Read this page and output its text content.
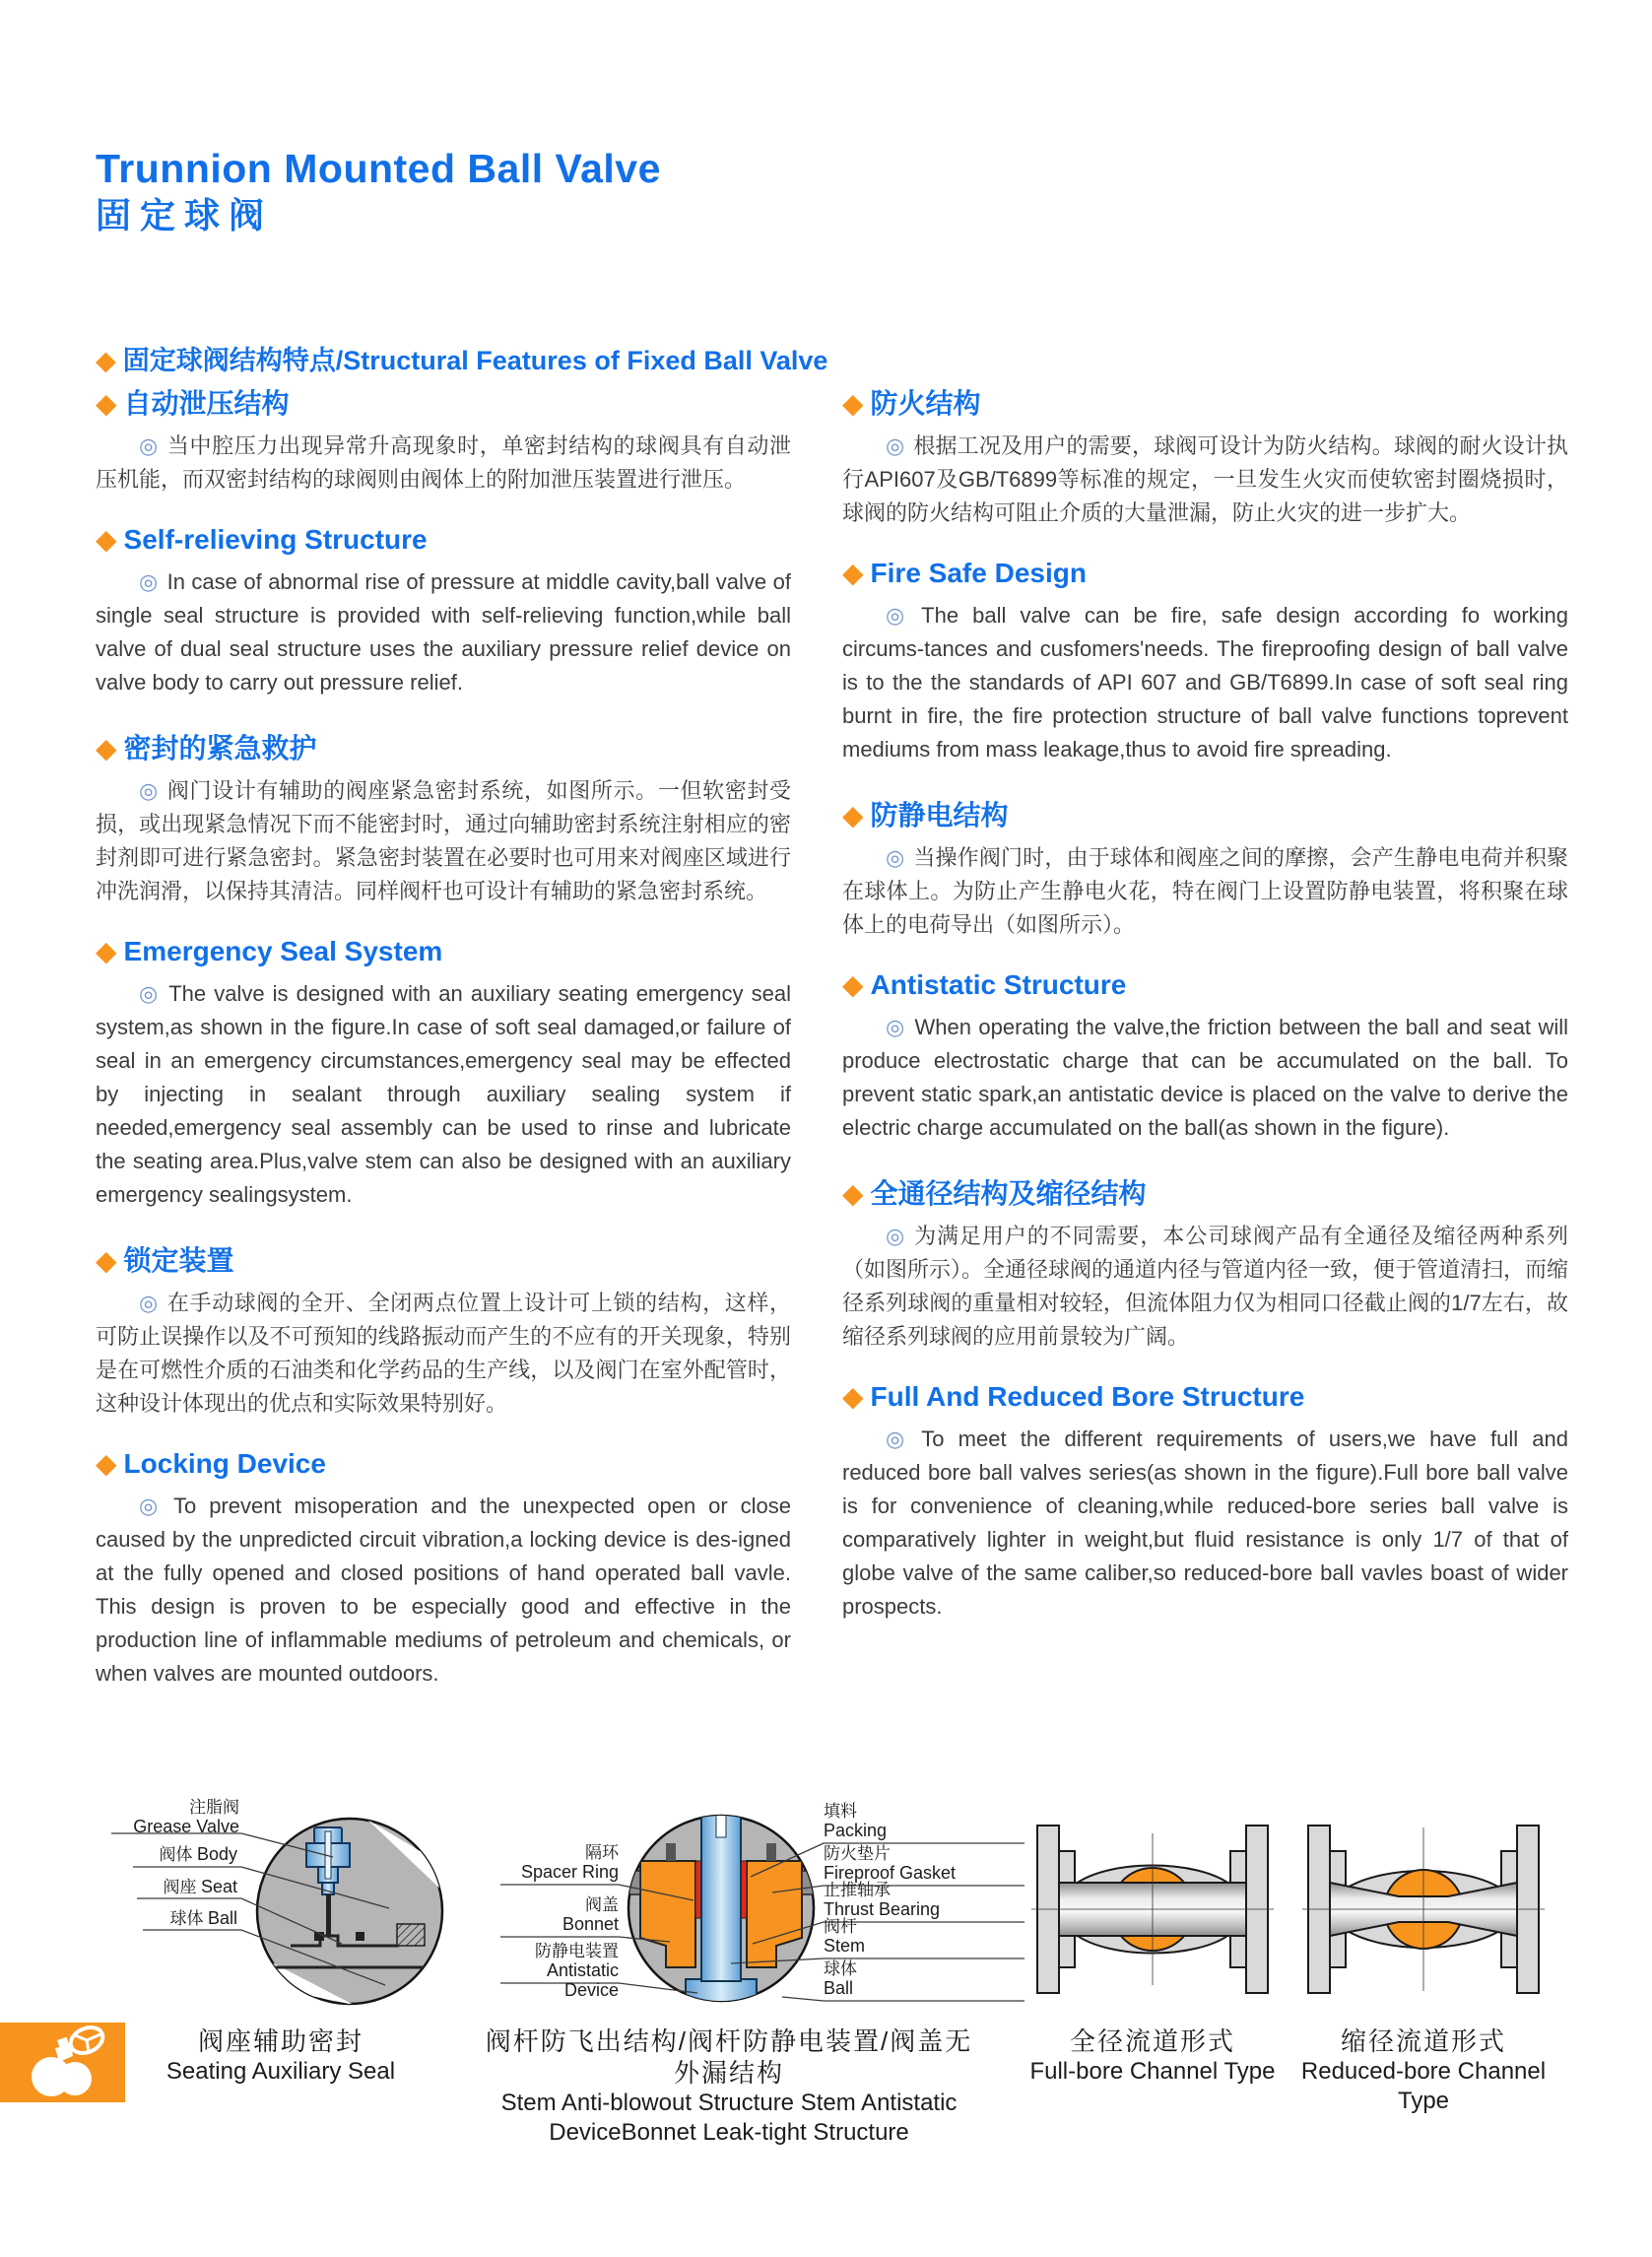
Trunnion Mounted Ball Valve
固定球阀
◆ 固定球阀结构特点/Structural Features of Fixed Ball Valve
◆ 自动泄压结构

◎ 当中腔压力出现异常升高现象时，单密封结构的球阀具有自动泄压机能，而双密封结构的球阀则由阀体上的附加泄压装置进行泄压。

◆ Self-relieving Structure

◎ In case of abnormal rise of pressure at middle cavity,ball valve of single seal structure is provided with self-relieving function,while ball valve of dual seal structure uses the auxiliary pressure relief device on valve body to carry out pressure relief.

◆ 密封的紧急救护

◎ 阀门设计有辅助的阀座紧急密封系统，如图所示。一但软密封受损，或出现紧急情况下而不能密封时，通过向辅助密封系统注射相应的密封剂即可进行紧急密封。紧急密封装置在必要时也可用来对阀座区域进行冲洗润滑，以保持其清洁。同样阀杆也可设计有辅助的紧急密封系统。

◆ Emergency Seal System

◎ The valve is designed with an auxiliary seating emergency seal system,as shown in the figure.In case of soft seal damaged,or failure of seal in an emergency circumstances,emergency seal may be effected by injecting in sealant through auxiliary sealing system if needed,emergency seal assembly can be used to rinse and lubricate the seating area.Plus,valve stem can also be designed with an auxiliary emergency sealingsystem.

◆ 锁定装置

◎ 在手动球阀的全开、全闭两点位置上设计可上锁的结构，这样，可防止误操作以及不可预知的线路振动而产生的不应有的开关现象，特别是在可燃性介质的石油类和化学药品的生产线，以及阀门在室外配管时，这种设计体现出的优点和实际效果特别好。

◆ Locking Device

◎ To prevent misoperation and the unexpected open or close caused by the unpredicted circuit vibration,a locking device is des-igned at the fully opened and closed positions of hand operated ball vavle. This design is proven to be especially good and effective in the production line of inflammable mediums of petroleum and chemicals, or when valves are mounted outdoors.

◆ 防火结构

◎ 根据工况及用户的需要，球阀可设计为防火结构。球阀的耐火设计执行API607及GB/T6899等标准的规定，一旦发生火灾而使软密封圈烧损时，球阀的防火结构可阻止介质的大量泄漏，防止火灾的进一步扩大。

◆ Fire Safe Design

◎ The ball valve can be fire, safe design according fo working circums-tances and cusfomers'needs. The fireproofing design of ball valve is to the the standards of API 607 and GB/T6899.In case of soft seal ring burnt in fire, the fire protection structure of ball valve functions toprevent mediums from mass leakage,thus to avoid fire spreading.

◆ 防静电结构

◎ 当操作阀门时，由于球体和阀座之间的摩擦，会产生静电电荷并积聚在球体上。为防止产生静电火花，特在阀门上设置防静电装置，将积聚在球体上的电荷导出（如图所示）。

◆ Antistatic Structure

◎ When operating the valve,the friction between the ball and seat will produce electrostatic charge that can be accumulated on the ball. To prevent static spark,an antistatic device is placed on the valve to derive the electric charge accumulated on the ball(as shown in the figure).

◆ 全通径结构及缩径结构

◎ 为满足用户的不同需要，本公司球阀产品有全通径及缩径两种系列（如图所示）。全通径球阀的通道内径与管道内径一致，便于管道清扫，而缩径系列球阀的重量相对较轻，但流体阻力仅为相同口径截止阀的1/7左右，故缩径系列球阀的应用前景较为广阔。

◆ Full And Reduced Bore Structure

◎ To meet the different requirements of users,we have full and reduced bore ball valves series(as shown in the figure).Full bore ball valve is for convenience of cleaning,while reduced-bore series ball valve is comparatively lighter in weight,but fluid resistance is only 1/7 of that of globe valve of the same caliber,so reduced-bore ball vavles boast of wider prospects.

注脂阀
Grease Valve
阀体 Body
阀座 Seat
球体 Ball
隔环
Spacer Ring
阀盖
Bonnet
防静电装置
Antistatic Device
填料
Packing
防火垫片
Fireproof Gasket
止推轴承
Thrust Bearing
阀杆
Stem
球体
Ball
阀座辅助密封
Seating Auxiliary Seal
阀杆防飞出结构/阀杆防静电装置/阀盖无外漏结构
Stem Anti-blowout Structure Stem Antistatic DeviceBonnet Leak-tight Structure
全径流道形式
Full-bore Channel Type
缩径流道形式
Reduced-bore Channel Type
